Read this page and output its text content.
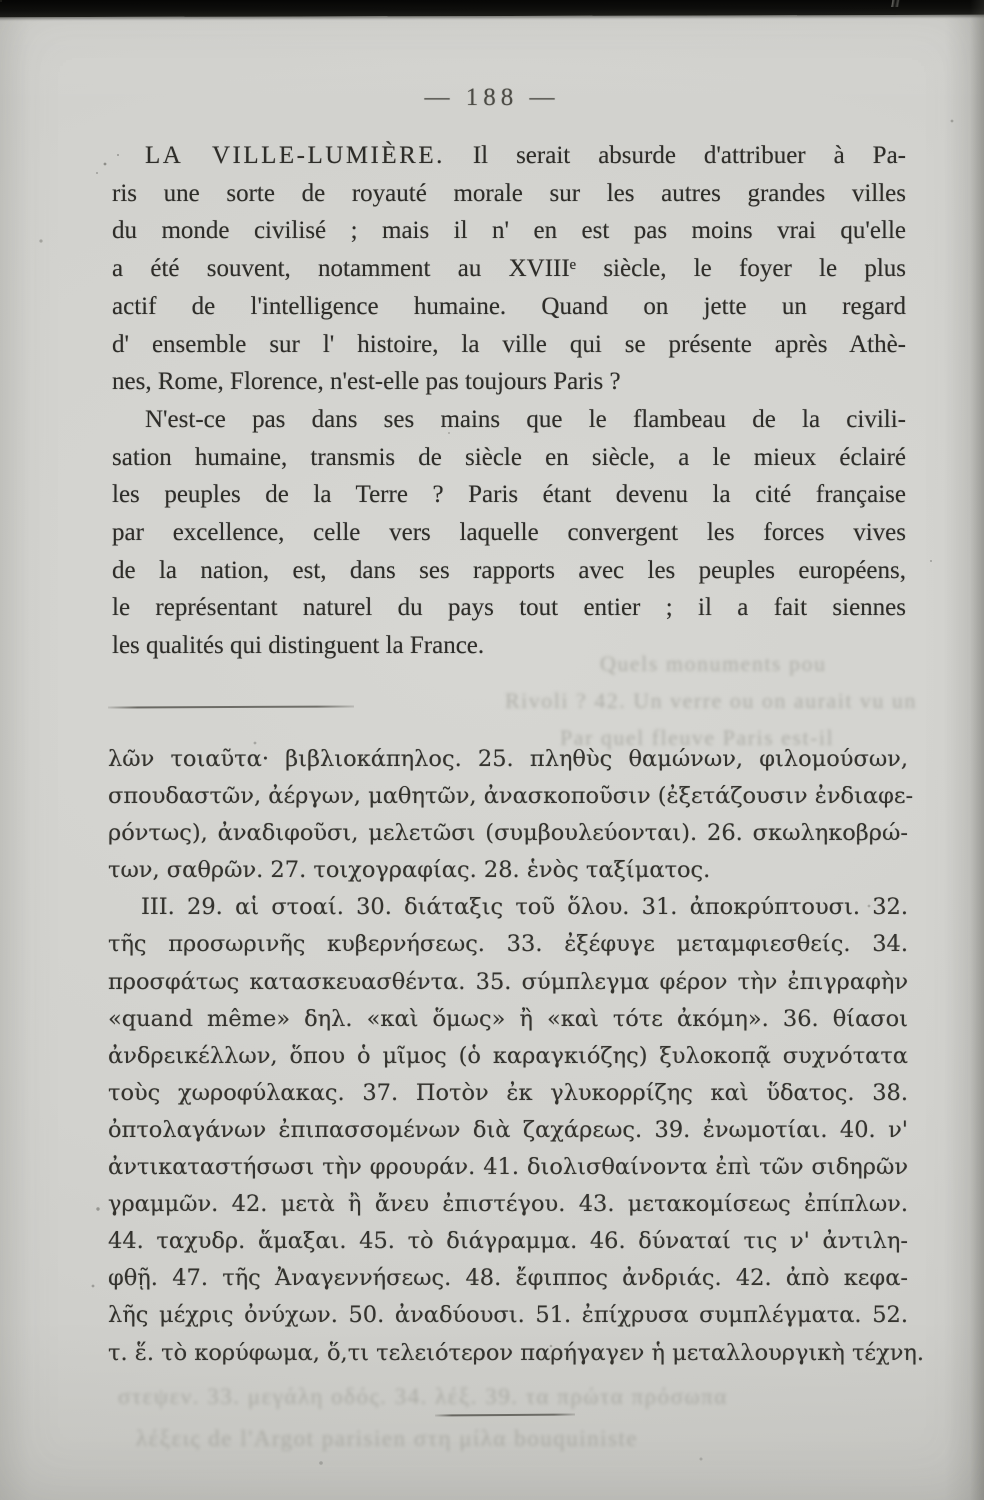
— 188 —
LA VILLE-LUMIÈRE. Il serait absurde d'attribuer à Pa-
ris une sorte de royauté morale sur les autres grandes villes
du monde civilisé ; mais il n' en est pas moins vrai qu'elle
a été souvent, notamment au XVIIIᵉ siècle, le foyer le plus
actif de l'intelligence humaine. Quand on jette un regard
d' ensemble sur l' histoire, la ville qui se présente après Athè-
nes, Rome, Florence, n'est-elle pas toujours Paris ?
N'est-ce pas dans ses mains que le flambeau de la civili-
sation humaine, transmis de siècle en siècle, a le mieux éclairé
les peuples de la Terre ? Paris étant devenu la cité française
par excellence, celle vers laquelle convergent les forces vives
de la nation, est, dans ses rapports avec les peuples européens,
le représentant naturel du pays tout entier ; il a fait siennes
les qualités qui distinguent la France.
Quels monuments pou
Rivoli ? 42. Un verre ou on aurait vu un
Par quel fleuve Paris est-il
λῶν τοιαῦτα· βιβλιοκάπηλος. 25. πληθὺς θαμώνων, φιλομούσων,
σπουδαστῶν, ἀέργων, μαθητῶν, ἀνασκοποῦσιν (ἐξετάζουσιν ἐνδιαφε-
ρόντως), ἀναδιφοῦσι, μελετῶσι (συμβουλεύονται). 26. σκωληκοβρώ-
των, σαθρῶν. 27. τοιχογραφίας. 28. ἑνὸς ταξίματος.
III. 29. αἱ στοαί. 30. διάταξις τοῦ ὅλου. 31. ἀποκρύπτουσι. 32.
τῆς προσωρινῆς κυβερνήσεως. 33. ἐξέφυγε μεταμφιεσθείς. 34.
προσφάτως κατασκευασθέντα. 35. σύμπλεγμα φέρον τὴν ἐπιγραφὴν
«quand même» δηλ. «καὶ ὅμως» ἢ «καὶ τότε ἀκόμη». 36. θίασοι
ἀνδρεικέλλων, ὅπου ὁ μῖμος (ὁ καραγκιόζης) ξυλοκοπᾷ συχνότατα
τοὺς χωροφύλακας. 37. Ποτὸν ἐκ γλυκορρίζης καὶ ὕδατος. 38.
ὀπτολαγάνων ἐπιπασσομένων διὰ ζαχάρεως. 39. ἐνωμοτίαι. 40. ν'
ἀντικαταστήσωσι τὴν φρουράν. 41. διολισθαίνοντα ἐπὶ τῶν σιδηρῶν
γραμμῶν. 42. μετὰ ἢ ἄνευ ἐπιστέγου. 43. μετακομίσεως ἐπίπλων.
44. ταχυδρ. ἅμαξαι. 45. τὸ διάγραμμα. 46. δύναταί τις ν' ἀντιλη-
φθῇ. 47. τῆς Ἀναγεννήσεως. 48. ἔφιππος ἀνδριάς. 42. ἀπὸ κεφα-
λῆς μέχρις ὀνύχων. 50. ἀναδύουσι. 51. ἐπίχρυσα συμπλέγματα. 52.
τ. ἕ. τὸ κορύφωμα, ὅ,τι τελειότερον παρήγαγεν ἡ μεταλλουργικὴ τέχνη.
στεψεν. 33. μεγάλη οδός. 34. λέξ. 39. τα πρώτα πρόσωπα
λέξεις de l'Argot parisien στη μίλα bouquiniste
